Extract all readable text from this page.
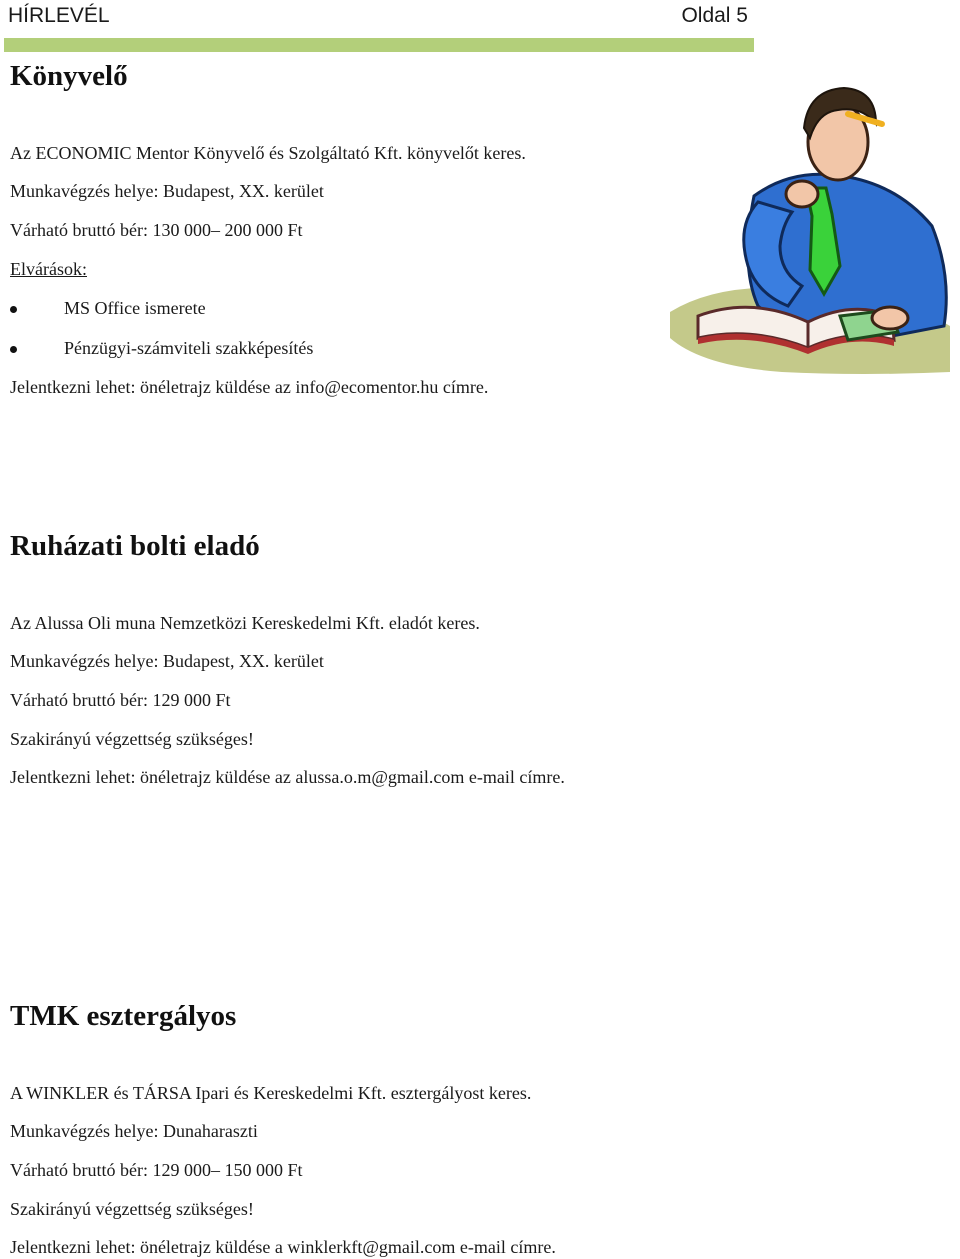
HÍRLEVÉL	Oldal 5
Könyvelő

Az ECONOMIC Mentor Könyvelő és Szolgáltató Kft. könyvelőt keres.

Munkavégzés helye: Budapest, XX. kerület

Várható bruttó bér: 130 000– 200 000 Ft

Elvárások:

MS Office ismerete
Pénzügyi-számviteli szakképesítés

Jelentkezni lehet: önéletrajz küldése az info@ecomentor.hu címre.

Ruházati bolti eladó

Az Alussa Oli muna Nemzetközi Kereskedelmi Kft. eladót keres.

Munkavégzés helye: Budapest, XX. kerület

Várható bruttó bér: 129 000 Ft

Szakirányú végzettség szükséges!

Jelentkezni lehet: önéletrajz küldése az alussa.o.m@gmail.com e-mail címre.

TMK esztergályos

A WINKLER és TÁRSA Ipari és Kereskedelmi Kft. esztergályost keres.

Munkavégzés helye: Dunaharaszti

Várható bruttó bér: 129 000– 150 000 Ft

Szakirányú végzettség szükséges!

Jelentkezni lehet: önéletrajz küldése a winklerkft@gmail.com e-mail címre.
